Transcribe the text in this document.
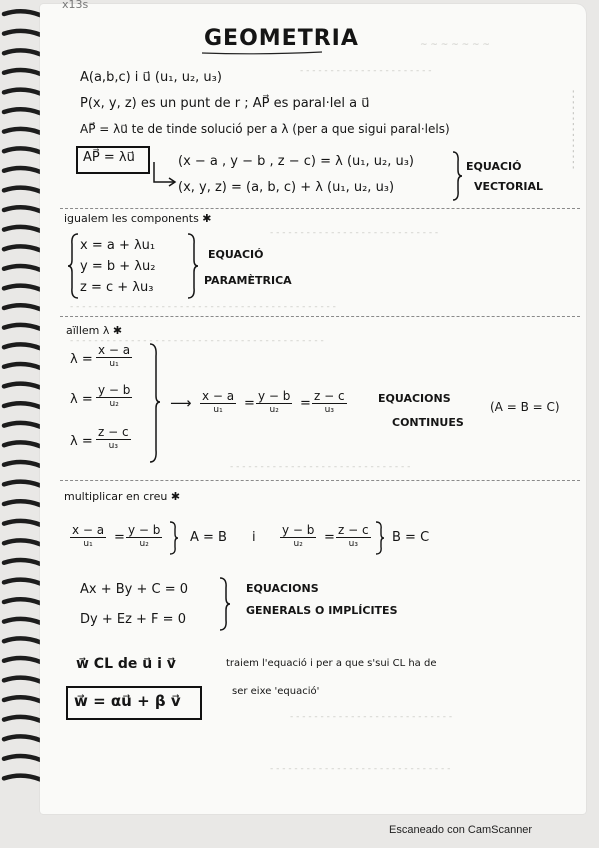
x13s
GEOMETRIA	~ ~ ~ ~ ~ ~ ~
- - - - - - - - - - - - - - - - - - - - - -
- - - - - - - - - - - - - - - - - - - - - - - - - - - -
- - - - - - - - - - - - - - - - - - - - - - - - - - - - - - - - - - - - - - - - - - - -
- - - - - - - - - - - - - - - - - - - - - - - - - - - - - - - - - - - - - - - - - -
- - - - - - - - - - - - - - - - - - - - - - - - - - - - - -
- - - - - - - - - - - - - - - - - - - - - - - - - - -
- - - - - - - - - - - - - - - - - - - - - - - - - - - - - -
- - - - - - - - - - - - - - -
A(a,b,c) i u⃗ (u₁, u₂, u₃)
P(x, y, z) es un punt de r ; AP⃗ es paral·lel a u⃗
AP⃗ = λu⃗ te de tinde solució per a λ (per a que sigui paral·lels)
AP⃗ = λu⃗	(x − a , y − b , z − c) = λ (u₁, u₂, u₃)
(x, y, z) = (a, b, c) + λ (u₁, u₂, u₃)
EQUACIÓ
VECTORIAL
igualem les components ✱
x = a + λu₁
y = b + λu₂
z = c + λu₃
EQUACIÓ
PARAMÈTRICA
aïllem λ ✱
λ =
x − a
u₁
λ =
y − b
u₂
λ =
z − c
u₃
⟶ x − a
u₁	= y − b
u₂	= z − c
u₃
EQUACIONS
CONTINUES
(A = B = C)
multiplicar en creu ✱
x − a
u₁	= y − b
u₂	A = B i y − b
u₂	= z − c
u₃	B = C
Ax + By + C = 0
Dy + Ez + F = 0
EQUACIONS
GENERALS O IMPLÍCITES
w⃗ CL de u⃗ i v⃗	traiem l'equació i per a que s'sui CL ha de
ser eixe 'equació'
w⃗ = αu⃗ + β v⃗
Escaneado con CamScanner
